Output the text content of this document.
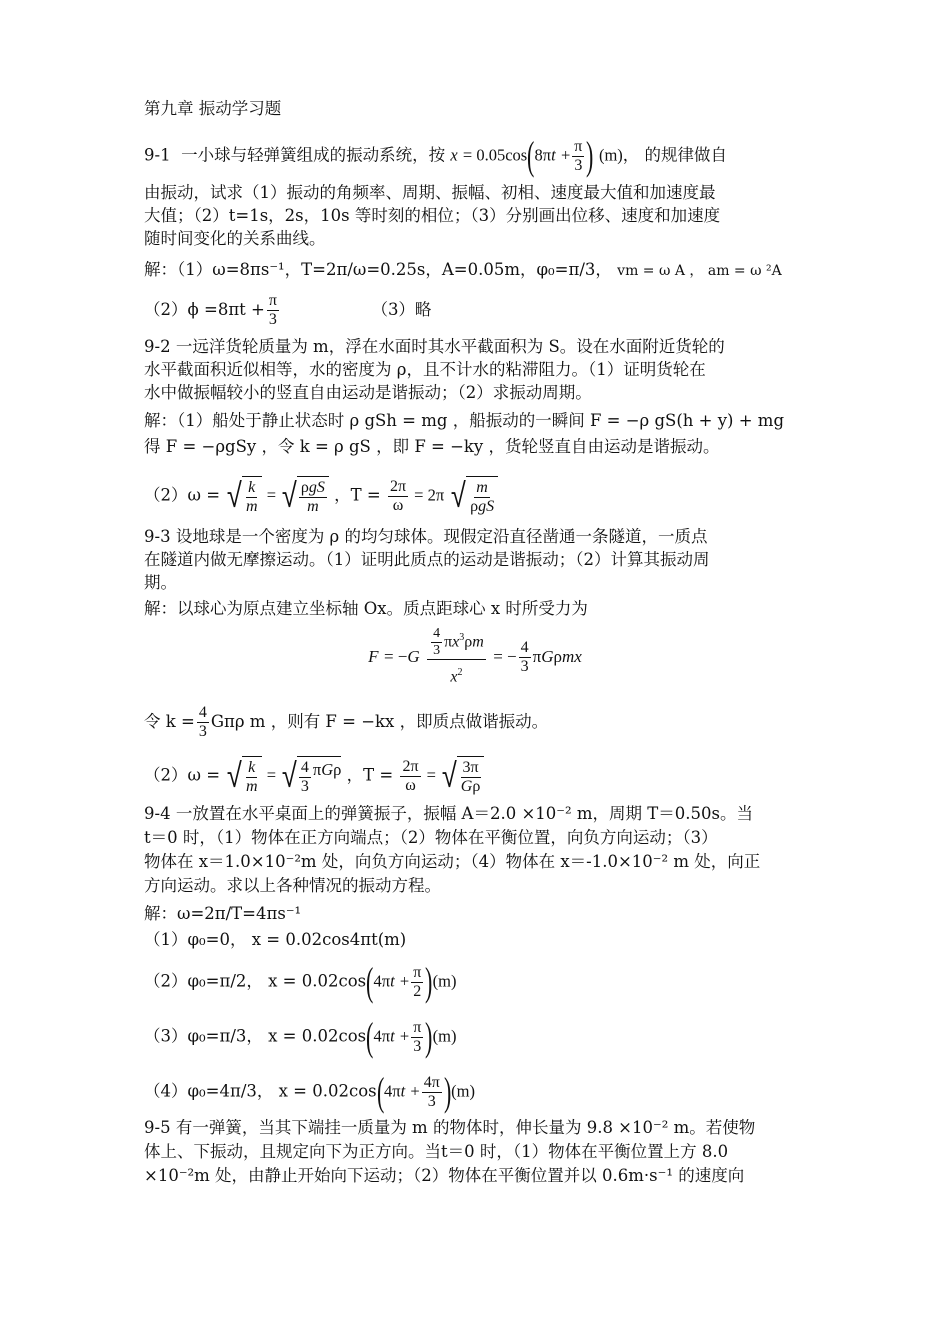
第九章 振动学习题
9-1 一小球与轻弹簧组成的振动系统，按 $x = 0.05\cos(8\pi t + \frac{\pi}{3}$ ) (m)， 的规律做自
由振动，试求（1）振动的角频率、周期、振幅、初相、速度最大值和加速度最
大值；（2）t=1s，2s，10s 等时刻的相位；（3）分别画出位移、速度和加速度
随时间变化的关系曲线。
解：（1）ω=8πs⁻¹，T=2π/ω=0.25s，A=0.05m，φ₀=π/3， vm = ω A ， am = ω ²A
$(2)\phi =8\pi t + \frac{\pi}{3}$	（3）略
9-2 一远洋货轮质量为 m，浮在水面时其水平截面积为 S。设在水面附近货轮的
水平截面积近似相等，水的密度为 ρ，且不计水的粘滞阻力。（1）证明货轮在
水中做振幅较小的竖直自由运动是谐振动；（2）求振动周期。
解：（1）船处于静止状态时 ρ gSh = mg ，船振动的一瞬间 F = −ρ gS(h + y) + mg
得 F = −ρgSy ，令 k = ρ gS ，即 F = −ky ，货轮竖直自由运动是谐振动。
（2）ω = √ $\frac{k}{m}$ = √ $\frac{\text{ρgS}}{m}$ ，$T = \frac{2\pi}{\omega} = 2\pi$ √ $\frac{m}{\text{ρgS}}$
9-3 设地球是一个密度为 ρ 的均匀球体。现假定沿直径凿通一条隧道，一质点
在隧道内做无摩擦运动。（1）证明此质点的运动是谐振动；（2）计算其振动周
期。
解：以球心为原点建立坐标轴 Ox。质点距球心 x 时所受力为
$F = -G \frac{\frac{4}{3} \pi x^3\rho m}{x^2}$ = − $\frac{4}{3}$ πGρmx
令 $k = \frac{4}{3}$ Gπρ m ，则有 F = −kx ，即质点做谐振动。
（2）ω = √ $\frac{k}{m}$ = √ $\frac{4}{3}$ π G ρ ，$T = \frac{2\pi}{\omega}$ = √ $\frac{3\pi}{G\rho}$
9-4 一放置在水平桌面上的弹簧振子，振幅 A＝2.0 ×10⁻² m，周期 T＝0.50s。当
t＝0 时，（1）物体在正方向端点；（2）物体在平衡位置，向负方向运动；（3）
物体在 x＝1.0×10⁻²m 处，向负方向运动；（4）物体在 x＝-1.0×10⁻² m 处，向正
方向运动。求以上各种情况的振动方程。
解：ω=2π/T=4πs⁻¹
（1）φ₀=0， x = 0.02cos4πt(m)
（2）φ₀=π/2， $x = 0.02\cos(4\pi t + \frac{\pi}{2} )(m)$
（3）φ₀=π/3， $x = 0.02\cos(4\pi t + \frac{\pi}{3} )(m)$
（4）φ₀=4π/3， $x = 0.02\cos(4\pi t + \frac{4\pi}{3} )(m)$
9-5 有一弹簧，当其下端挂一质量为 m 的物体时，伸长量为 9.8 ×10⁻² m。若使物
体上、下振动，且规定向下为正方向。当t＝0 时，（1）物体在平衡位置上方 8.0
×10⁻²m 处，由静止开始向下运动；（2）物体在平衡位置并以 0.6m·s⁻¹ 的速度向
